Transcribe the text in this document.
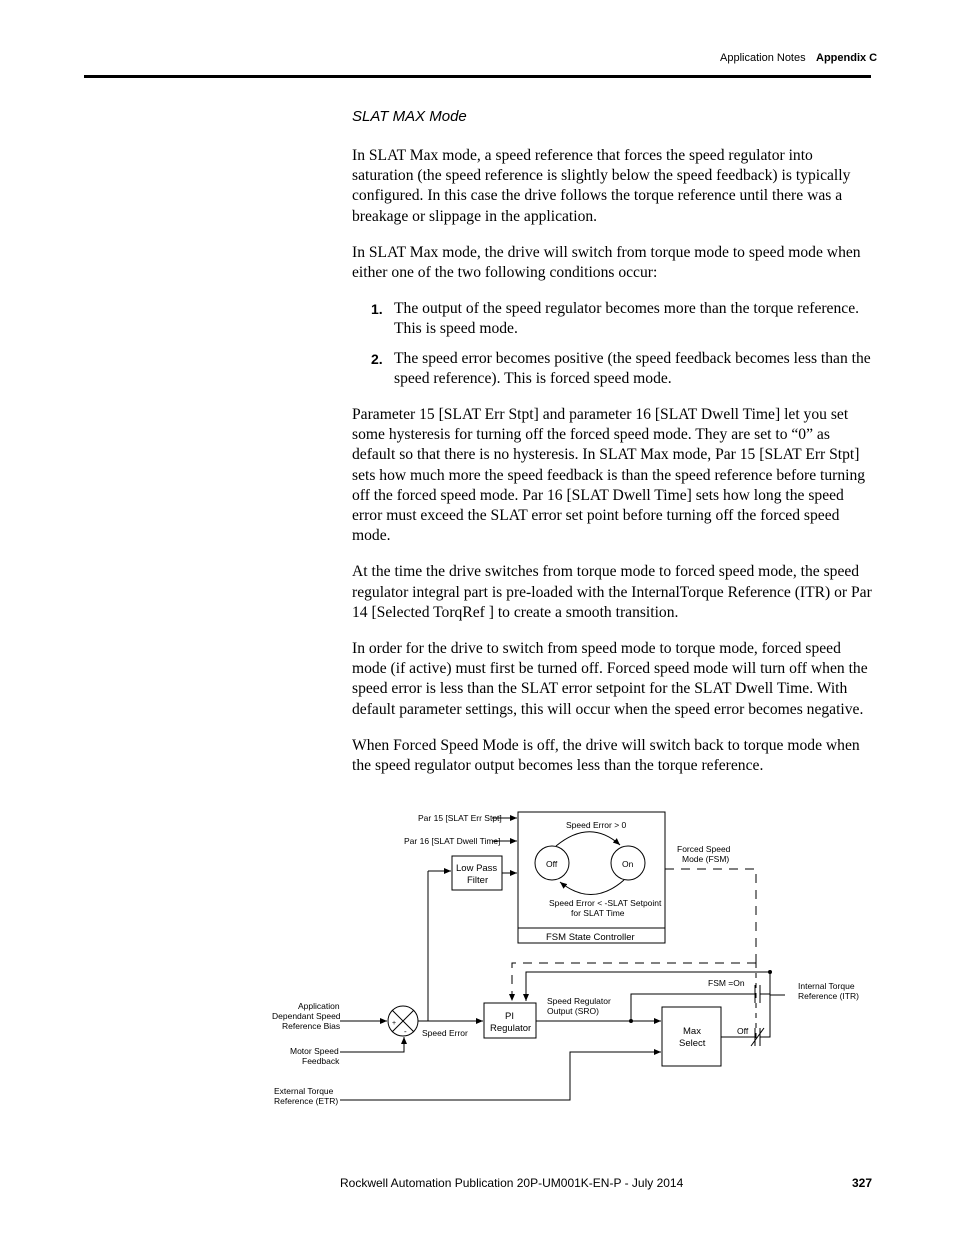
Application Notes Appendix C
SLAT MAX Mode

In SLAT Max mode, a speed reference that forces the speed regulator into saturation (the speed reference is slightly below the speed feedback) is typically configured. In this case the drive follows the torque reference until there was a breakage or slippage in the application.

In SLAT Max mode, the drive will switch from torque mode to speed mode when either one of the two following conditions occur:

1. The output of the speed regulator becomes more than the torque reference. This is speed mode.
2. The speed error becomes positive (the speed feedback becomes less than the speed reference). This is forced speed mode.

Parameter 15 [SLAT Err Stpt] and parameter 16 [SLAT Dwell Time] let you set some hysteresis for turning off the forced speed mode. They are set to “0” as default so that there is no hysteresis. In SLAT Max mode, Par 15 [SLAT Err Stpt] sets how much more the speed feedback is than the speed reference before turning off the forced speed mode. Par 16 [SLAT Dwell Time] sets how long the speed error must exceed the SLAT error set point before turning off the forced speed mode.

At the time the drive switches from torque mode to forced speed mode, the speed regulator integral part is pre-loaded with the InternalTorque Reference (ITR) or Par 14 [Selected TorqRef ] to create a smooth transition.

In order for the drive to switch from speed mode to torque mode, forced speed mode (if active) must first be turned off. Forced speed mode will turn off when the speed error is less than the SLAT error setpoint for the SLAT Dwell Time. With default parameter settings, this will occur when the speed error becomes negative.

When Forced Speed Mode is off, the drive will switch back to torque mode when the speed regulator output becomes less than the torque reference.

FSM State Controller
Off	On
Speed Error > 0
Speed Error < -SLAT Setpoint
for SLAT Time
Par 15 [SLAT Err Stpt]
Par 16 [SLAT Dwell Time]
Low Pass
Filter
Forced Speed
Mode (FSM)
Application
Dependant Speed
Reference Bias
Motor Speed
Feedback
+
- Speed Error
PI
Regulator
Speed Regulator
Output (SRO)
Max
Select
FSM =On
Off
Internal Torque
Reference (ITR)
External Torque
Reference (ETR)
Rockwell Automation Publication 20P-UM001K-EN-P - July 2014	327
